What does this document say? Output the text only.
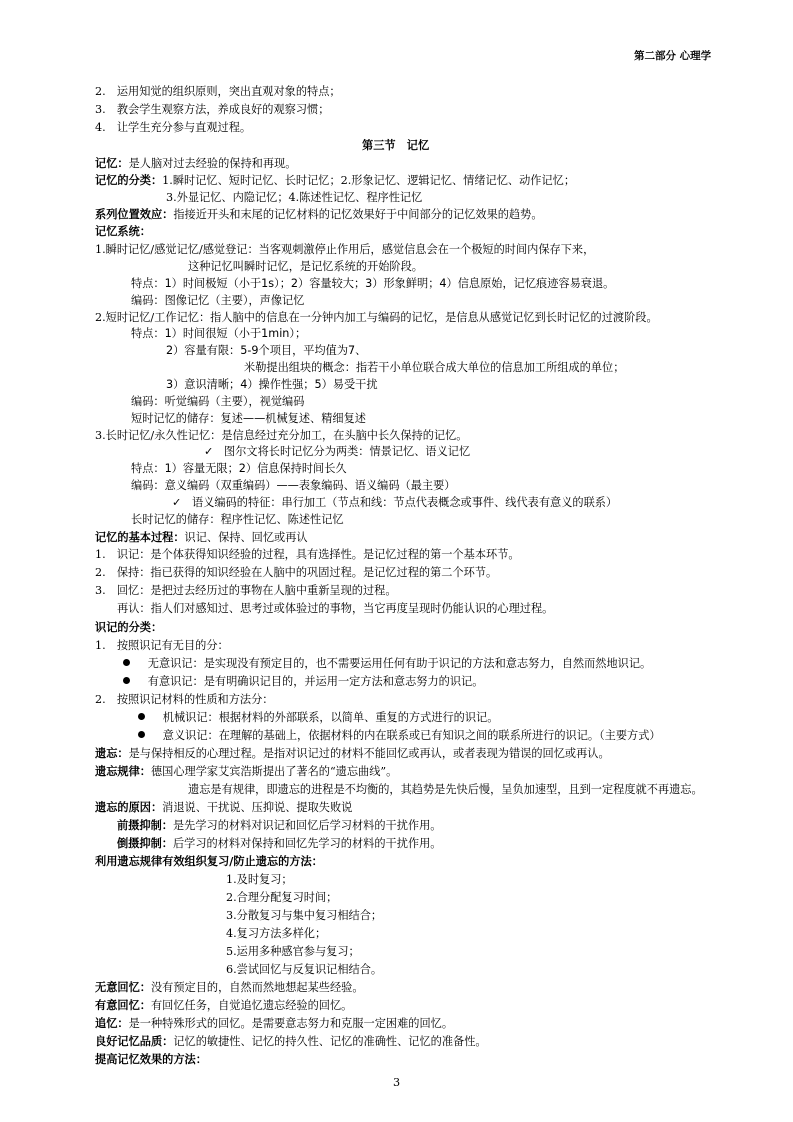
第二部分 心理学
2.　运用知觉的组织原则，突出直观对象的特点；
3.　教会学生观察方法，养成良好的观察习惯；
4.　让学生充分参与直观过程。
第三节　记忆
记忆：是人脑对过去经验的保持和再现。
记忆的分类：1.瞬时记忆、短时记忆、长时记忆；2.形象记忆、逻辑记忆、情绪记忆、动作记忆；
3.外显记忆、内隐记忆；4.陈述性记忆、程序性记忆
系列位置效应：指接近开头和末尾的记忆材料的记忆效果好于中间部分的记忆效果的趋势。
记忆系统：
1.瞬时记忆/感觉记忆/感觉登记：当客观刺激停止作用后，感觉信息会在一个极短的时间内保存下来，
这种记忆叫瞬时记忆，是记忆系统的开始阶段。
特点：1）时间极短（小于1s）；2）容量较大；3）形象鲜明；4）信息原始，记忆痕迹容易衰退。
编码：图像记忆（主要），声像记忆
2.短时记忆/工作记忆：指人脑中的信息在一分钟内加工与编码的记忆，是信息从感觉记忆到长时记忆的过渡阶段。
特点：1）时间很短（小于1min）；
2）容量有限：5-9个项目，平均值为7、
米勒提出组块的概念：指若干小单位联合成大单位的信息加工所组成的单位；
3）意识清晰；4）操作性强；5）易受干扰
编码：听觉编码（主要），视觉编码
短时记忆的储存：复述——机械复述、精细复述
3.长时记忆/永久性记忆：是信息经过充分加工，在头脑中长久保持的记忆。
✓ 图尔文将长时记忆分为两类：情景记忆、语义记忆
特点：1）容量无限；2）信息保持时间长久
编码：意义编码（双重编码）——表象编码、语义编码（最主要）
✓ 语义编码的特征：串行加工（节点和线：节点代表概念或事件、线代表有意义的联系）
长时记忆的储存：程序性记忆、陈述性记忆
记忆的基本过程：识记、保持、回忆或再认
1.　识记：是个体获得知识经验的过程，具有选择性。是记忆过程的第一个基本环节。
2.　保持：指已获得的知识经验在人脑中的巩固过程。是记忆过程的第二个环节。
3.　回忆：是把过去经历过的事物在人脑中重新呈现的过程。
再认：指人们对感知过、思考过或体验过的事物，当它再度呈现时仍能认识的心理过程。
识记的分类：
1.　按照识记有无目的分：
无意识记：是实现没有预定目的，也不需要运用任何有助于识记的方法和意志努力，自然而然地识记。
有意识记：是有明确识记目的，并运用一定方法和意志努力的识记。
2.　按照识记材料的性质和方法分：
机械识记：根据材料的外部联系，以简单、重复的方式进行的识记。
意义识记：在理解的基础上，依据材料的内在联系或已有知识之间的联系所进行的识记。（主要方式）
遗忘：是与保持相反的心理过程。是指对识记过的材料不能回忆或再认，或者表现为错误的回忆或再认。
遗忘规律：德国心理学家艾宾浩斯提出了著名的“遗忘曲线”。
遗忘是有规律，即遗忘的进程是不均衡的，其趋势是先快后慢，呈负加速型，且到一定程度就不再遗忘。
遗忘的原因：消退说、干扰说、压抑说、提取失败说
前摄抑制：是先学习的材料对识记和回忆后学习材料的干扰作用。
倒摄抑制：后学习的材料对保持和回忆先学习的材料的干扰作用。
利用遗忘规律有效组织复习/防止遗忘的方法：
1.及时复习；
2.合理分配复习时间；
3.分散复习与集中复习相结合；
4.复习方法多样化；
5.运用多种感官参与复习；
6.尝试回忆与反复识记相结合。
无意回忆：没有预定目的，自然而然地想起某些经验。
有意回忆：有回忆任务，自觉追忆遗忘经验的回忆。
追忆：是一种特殊形式的回忆。是需要意志努力和克服一定困难的回忆。
良好记忆品质：记忆的敏捷性、记忆的持久性、记忆的准确性、记忆的准备性。
提高记忆效果的方法：
3
